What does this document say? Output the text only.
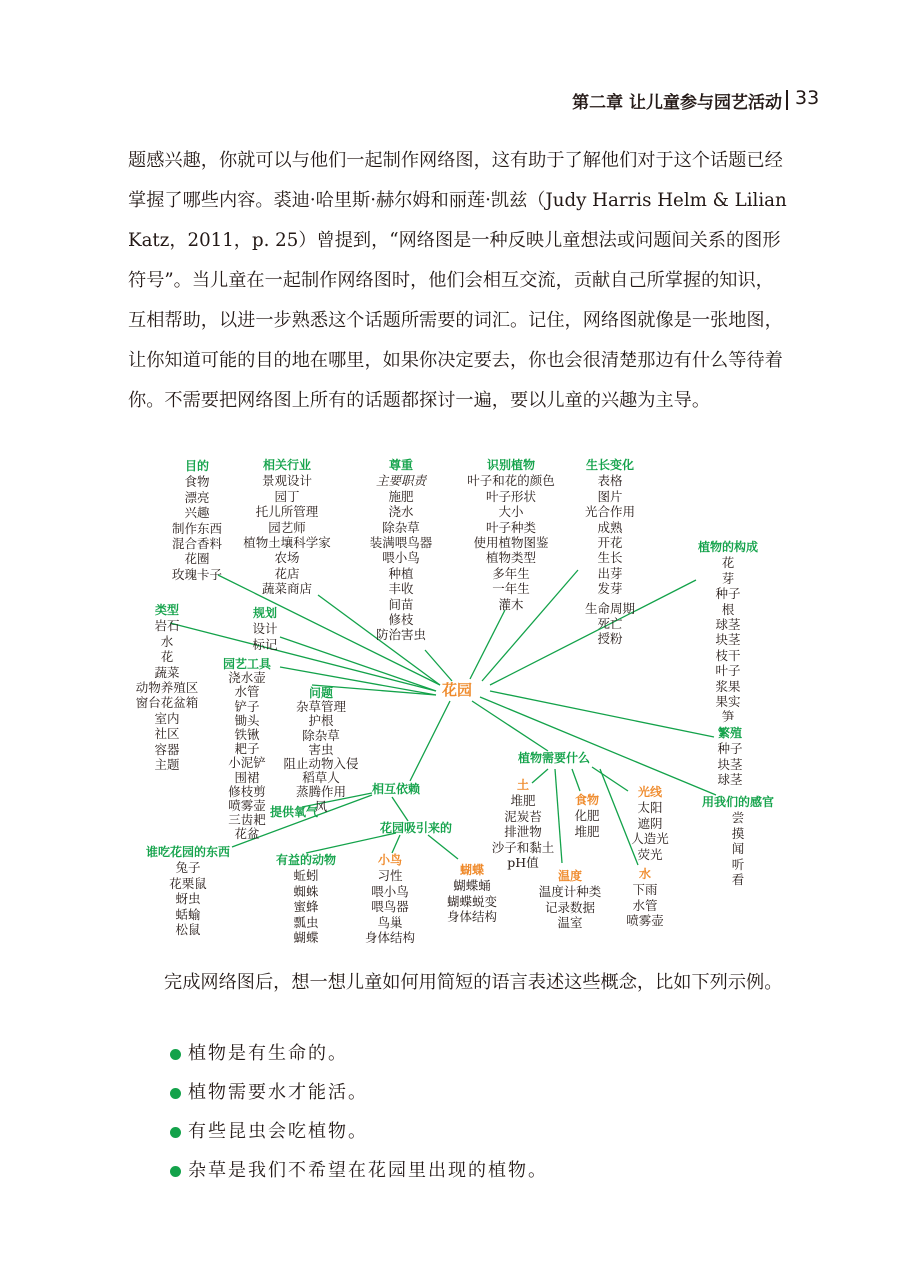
第二章 让儿童参与园艺活动 33

题感兴趣，你就可以与他们一起制作网络图，这有助于了解他们对于这个话题已经掌握了哪些内容。裘迪·哈里斯·赫尔姆和丽莲·凯兹（Judy Harris Helm & Lilian Katz，2011，p. 25）曾提到，“网络图是一种反映儿童想法或问题间关系的图形符号”。当儿童在一起制作网络图时，他们会相互交流，贡献自己所掌握的知识，互相帮助，以进一步熟悉这个话题所需要的词汇。记住，网络图就像是一张地图，让你知道可能的目的地在哪里，如果你决定要去，你也会很清楚那边有什么等待着你。不需要把网络图上所有的话题都探讨一遍，要以儿童的兴趣为主导。

花园
目的
食物
漂亮
兴趣
制作东西
混合香料
花圈
玫瑰卡子
相关行业
景观设计
园丁
托儿所管理
园艺师
植物土壤科学家
农场
花店
蔬菜商店
尊重
主要职责
施肥
浇水
除杂草
装满喂鸟器
喂小鸟
种植
丰收
间苗
修枝
防治害虫
识别植物
叶子和花的颜色
叶子形状
大小
叶子种类
使用植物图鉴
植物类型
多年生
一年生
灌木
生长变化
表格
图片
光合作用
成熟
开花
生长
出芽
发芽
生命周期
死亡
授粉
植物的构成
花
芽
种子
根
球茎
块茎
枝干
叶子
浆果
果实
笋
繁殖
种子
块茎
球茎
用我们的感官
尝
摸
闻
听
看
类型
岩石
水
花
蔬菜
动物养殖区
窗台花盆箱
室内
社区
容器
主题
规划
设计
标记
园艺工具
浇水壶
水管
铲子
锄头
铁锹
耙子
小泥铲
围裙
修枝剪
喷雾壶
三齿耙
花盆
问题
杂草管理
护根
除杂草
害虫
阻止动物入侵
稻草人
蒸腾作用
风
相互依赖
提供氧气
谁吃花园的东西
兔子
花栗鼠
蚜虫
蛞蝓
松鼠
花园吸引来的
有益的动物
蚯蚓
蜘蛛
蜜蜂
瓢虫
蝴蝶
小鸟
习性
喂小鸟
喂鸟器
鸟巢
身体结构
蝴蝶
蝴蝶蛹
蝴蝶蜕变
身体结构
植物需要什么
土
堆肥
泥炭苔
排泄物
沙子和黏土
pH值
食物
化肥
堆肥
光线
太阳
遮阴
人造光
荧光
温度
温度计种类
记录数据
温室
水
下雨
水管
喷雾壶

完成网络图后，想一想儿童如何用简短的语言表述这些概念，比如下列示例。

植物是有生命的。
植物需要水才能活。
有些昆虫会吃植物。
杂草是我们不希望在花园里出现的植物。
